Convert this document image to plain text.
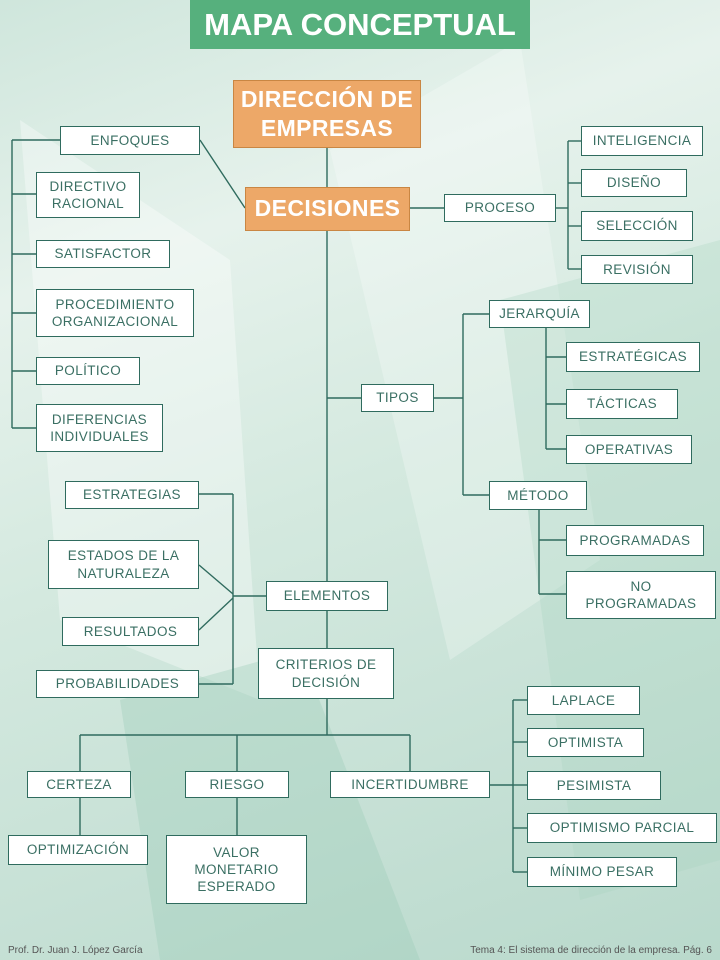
MAPA CONCEPTUAL
DIRECCIÓN DE
EMPRESAS
DECISIONES
ENFOQUES
DIRECTIVO
RACIONAL
SATISFACTOR
PROCEDIMIENTO
ORGANIZACIONAL
POLÍTICO
DIFERENCIAS
INDIVIDUALES
PROCESO
INTELIGENCIA
DISEÑO
SELECCIÓN
REVISIÓN
TIPOS
JERARQUÍA
ESTRATÉGICAS
TÁCTICAS
OPERATIVAS
MÉTODO
PROGRAMADAS
NO
PROGRAMADAS
ELEMENTOS
ESTRATEGIAS
ESTADOS DE LA
NATURALEZA
RESULTADOS
PROBABILIDADES
CRITERIOS DE
DECISIÓN
CERTEZA	RIESGO	INCERTIDUMBRE
OPTIMIZACIÓN	VALOR
MONETARIO
ESPERADO
LAPLACE
OPTIMISTA
PESIMISTA
OPTIMISMO PARCIAL
MÍNIMO PESAR
Prof. Dr. Juan J. López García	Tema 4: El sistema de dirección de la empresa. Pág. 6
